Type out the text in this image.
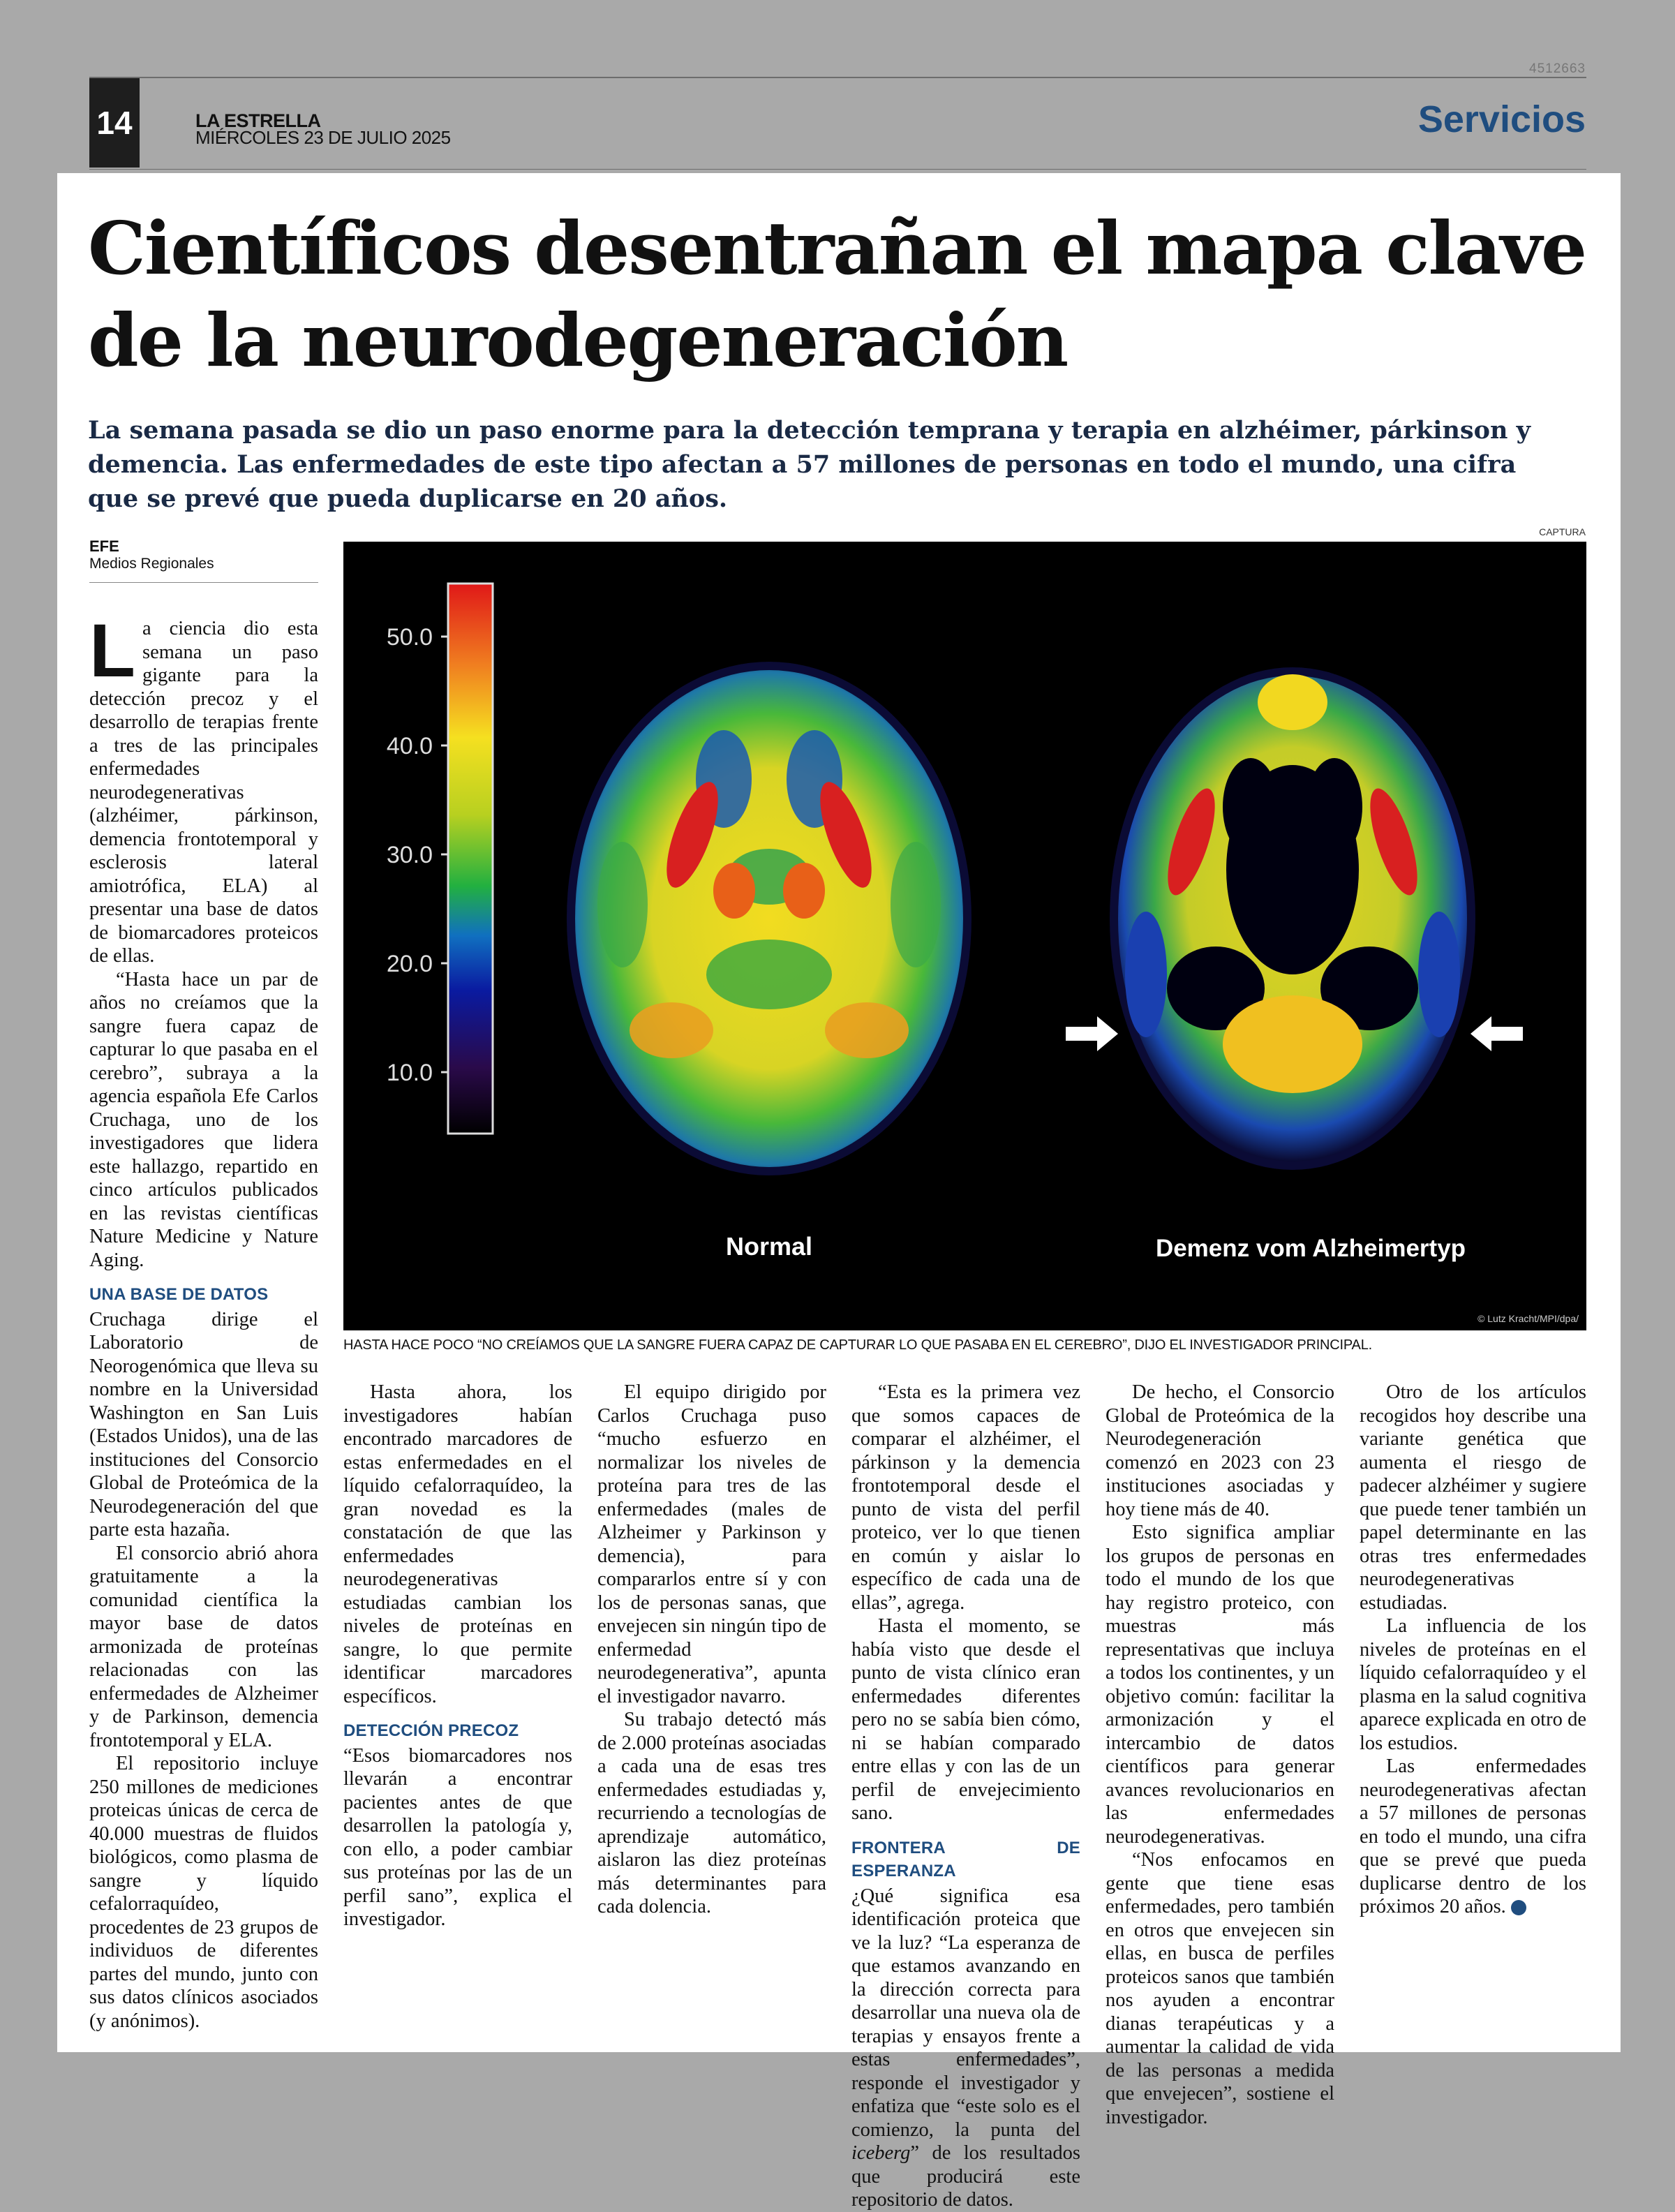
4512663
14	LA ESTRELLA
MIÉRCOLES 23 DE JULIO 2025	Servicios
Científicos desentrañan el mapa clave de la neurodegeneración

La semana pasada se dio un paso enorme para la detección temprana y terapia en alzhéimer, párkinson y demencia. Las enfermedades de este tipo afectan a 57 millones de personas en todo el mundo, una cifra que se prevé que pueda duplicarse en 20 años.

EFE
Medios Regionales
CAPTURA
50.0
40.0
30.0
20.0
10.0
Normal	Demenz vom Alzheimertyp
© Lutz Kracht/MPI/dpa/
HASTA HACE POCO “NO CREÍAMOS QUE LA SANGRE FUERA CAPAZ DE CAPTURAR LO QUE PASABA EN EL CEREBRO”, DIJO EL INVESTIGADOR PRINCIPAL.

La ciencia dio esta semana un paso gigante para la detección precoz y el desarrollo de terapias frente a tres de las principales enfermedades neurodegenerativas (alzhéimer, párkinson, demencia frontotemporal y esclerosis lateral amiotrófica, ELA) al presentar una base de datos de biomarcadores proteicos de ellas.

“Hasta hace un par de años no creíamos que la sangre fuera capaz de capturar lo que pasaba en el cerebro”, subraya a la agencia española Efe Carlos Cruchaga, uno de los investigadores que lidera este hallazgo, repartido en cinco artículos publicados en las revistas científicas Nature Medicine y Nature Aging.

UNA BASE DE DATOS

Cruchaga dirige el Laboratorio de Neorogenómica que lleva su nombre en la Universidad Washington en San Luis (Estados Unidos), una de las instituciones del Consorcio Global de Proteómica de la Neurodegeneración del que parte esta hazaña.

El consorcio abrió ahora gratuitamente a la comunidad científica la mayor base de datos armonizada de proteínas relacionadas con las enfermedades de Alzheimer y de Parkinson, demencia frontotemporal y ELA.

El repositorio incluye 250 millones de mediciones proteicas únicas de cerca de 40.000 muestras de fluidos biológicos, como plasma de sangre y líquido cefalorraquídeo, procedentes de 23 grupos de individuos de diferentes partes del mundo, junto con sus datos clínicos asociados (y anónimos).

Hasta ahora, los investigadores habían encontrado marcadores de estas enfermedades en el líquido cefalorraquídeo, la gran novedad es la constatación de que las enfermedades neurodegenerativas estudiadas cambian los niveles de proteínas en sangre, lo que permite identificar marcadores específicos.

DETECCIÓN PRECOZ

“Esos biomarcadores nos llevarán a encontrar pacientes antes de que desarrollen la patología y, con ello, a poder cambiar sus proteínas por las de un perfil sano”, explica el investigador.

El equipo dirigido por Carlos Cruchaga puso “mucho esfuerzo en normalizar los niveles de proteína para tres de las enfermedades (males de Alzheimer y Parkinson y demencia), para compararlos entre sí y con los de personas sanas, que envejecen sin ningún tipo de enfermedad neurodegenerativa”, apunta el investigador navarro.

Su trabajo detectó más de 2.000 proteínas asociadas a cada una de esas tres enfermedades estudiadas y, recurriendo a tecnologías de aprendizaje automático, aislaron las diez proteínas más determinantes para cada dolencia.

“Esta es la primera vez que somos capaces de comparar el alzhéimer, el párkinson y la demencia frontotemporal desde el punto de vista del perfil proteico, ver lo que tienen en común y aislar lo específico de cada una de ellas”, agrega.

Hasta el momento, se había visto que desde el punto de vista clínico eran enfermedades diferentes pero no se sabía bien cómo, ni se habían comparado entre ellas y con las de un perfil de envejecimiento sano.

FRONTERA DE ESPERANZA

¿Qué significa esa identificación proteica que ve la luz? “La esperanza de que estamos avanzando en la dirección correcta para desarrollar una nueva ola de terapias y ensayos frente a estas enfermedades”, responde el investigador y enfatiza que “este solo es el comienzo, la punta del iceberg” de los resultados que producirá este repositorio de datos.

De hecho, el Consorcio Global de Proteómica de la Neurodegeneración comenzó en 2023 con 23 instituciones asociadas y hoy tiene más de 40.

Esto significa ampliar los grupos de personas en todo el mundo de los que hay registro proteico, con muestras más representativas que incluya a todos los continentes, y un objetivo común: facilitar la armonización y el intercambio de datos científicos para generar avances revolucionarios en las enfermedades neurodegenerativas.

“Nos enfocamos en gente que tiene esas enfermedades, pero también en otros que envejecen sin ellas, en busca de perfiles proteicos sanos que también nos ayuden a encontrar dianas terapéuticas y a aumentar la calidad de vida de las personas a medida que envejecen”, sostiene el investigador.

Otro de los artículos recogidos hoy describe una variante genética que aumenta el riesgo de padecer alzhéimer y sugiere que puede tener también un papel determinante en las otras tres enfermedades neurodegenerativas estudiadas.

La influencia de los niveles de proteínas en el líquido cefalorraquídeo y el plasma en la salud cognitiva aparece explicada en otro de los estudios.

Las enfermedades neurodegenerativas afectan a 57 millones de personas en todo el mundo, una cifra que se prevé que pueda duplicarse dentro de los próximos 20 años.	✚
